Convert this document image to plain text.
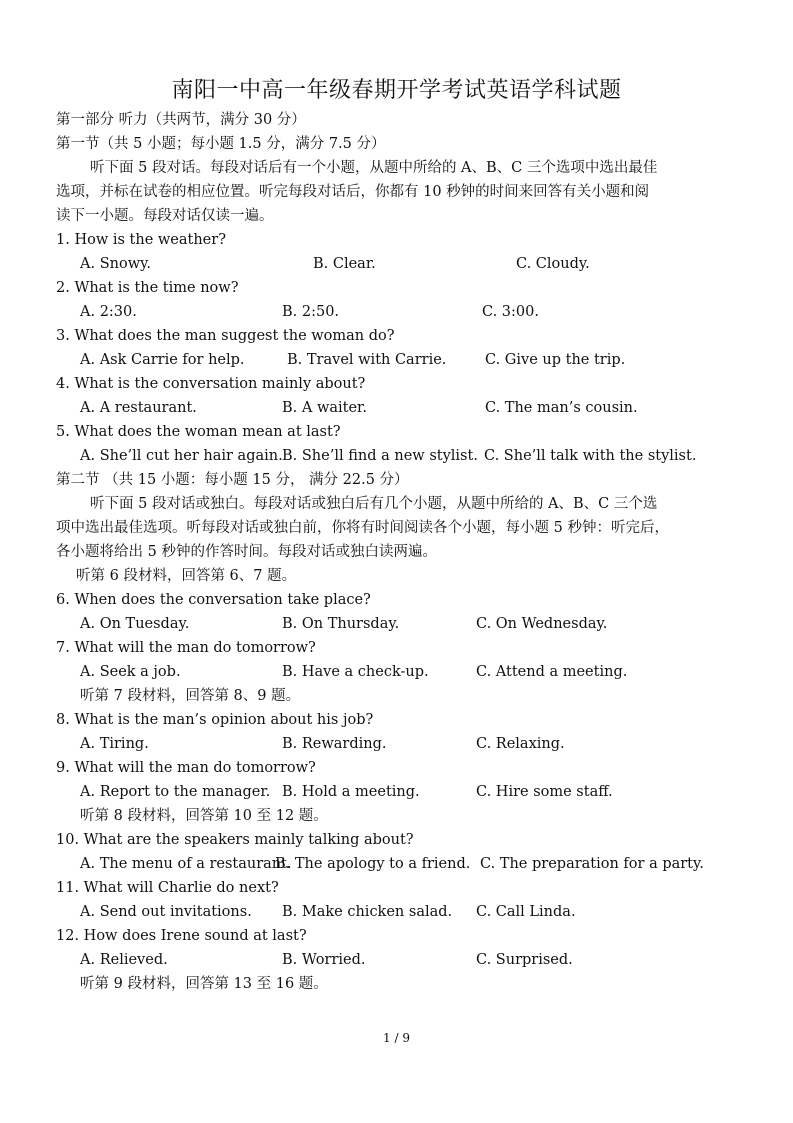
南阳一中高一年级春期开学考试英语学科试题
第一部分 听力（共两节，满分 30 分）
第一节（共 5 小题；每小题 1.5 分，满分 7.5 分）
听下面 5 段对话。每段对话后有一个小题，从题中所给的 A、B、C 三个选项中选出最佳
选项，并标在试卷的相应位置。听完每段对话后，你都有 10 秒钟的时间来回答有关小题和阅
读下一小题。每段对话仅读一遍。
1. How is the weather?
A. Snowy.	B. Clear.	C. Cloudy.
2. What is the time now?
A. 2:30.	B. 2:50.	C. 3:00.
3. What does the man suggest the woman do?
A. Ask Carrie for help.	B. Travel with Carrie.	C. Give up the trip.
4. What is the conversation mainly about?
A. A restaurant.	B. A waiter.	C. The man’s cousin.
5. What does the woman mean at last?
A. She’ll cut her hair again. B. She’ll find a new stylist. C. She’ll talk with the stylist.
第二节 （共 15 小题：每小题 15 分， 满分 22.5 分）
听下面 5 段对话或独白。每段对话或独白后有几个小题，从题中所给的 A、B、C 三个选
项中选出最佳选项。听每段对话或独白前，你将有时间阅读各个小题，每小题 5 秒钟：听完后，
各小题将给出 5 秒钟的作答时间。每段对话或独白读两遍。
听第 6 段材料，回答第 6、7 题。
6. When does the conversation take place?
A. On Tuesday.	B. On Thursday.	C. On Wednesday.
7. What will the man do tomorrow?
A. Seek a job.	B. Have a check-up.	C. Attend a meeting.
听第 7 段材料，回答第 8、9 题。
8. What is the man’s opinion about his job?
A. Tiring.	B. Rewarding.	C. Relaxing.
9. What will the man do tomorrow?
A. Report to the manager. B. Hold a meeting.	C. Hire some staff.
听第 8 段材料，回答第 10 至 12 题。
10. What are the speakers mainly talking about?
A. The menu of a restaurant.
B. The apology to a friend. C. The preparation for a party.
11. What will Charlie do next?
A. Send out invitations. B. Make chicken salad. C. Call Linda.
12. How does Irene sound at last?
A. Relieved.	B. Worried.	C. Surprised.
听第 9 段材料，回答第 13 至 16 题。
1 / 9
